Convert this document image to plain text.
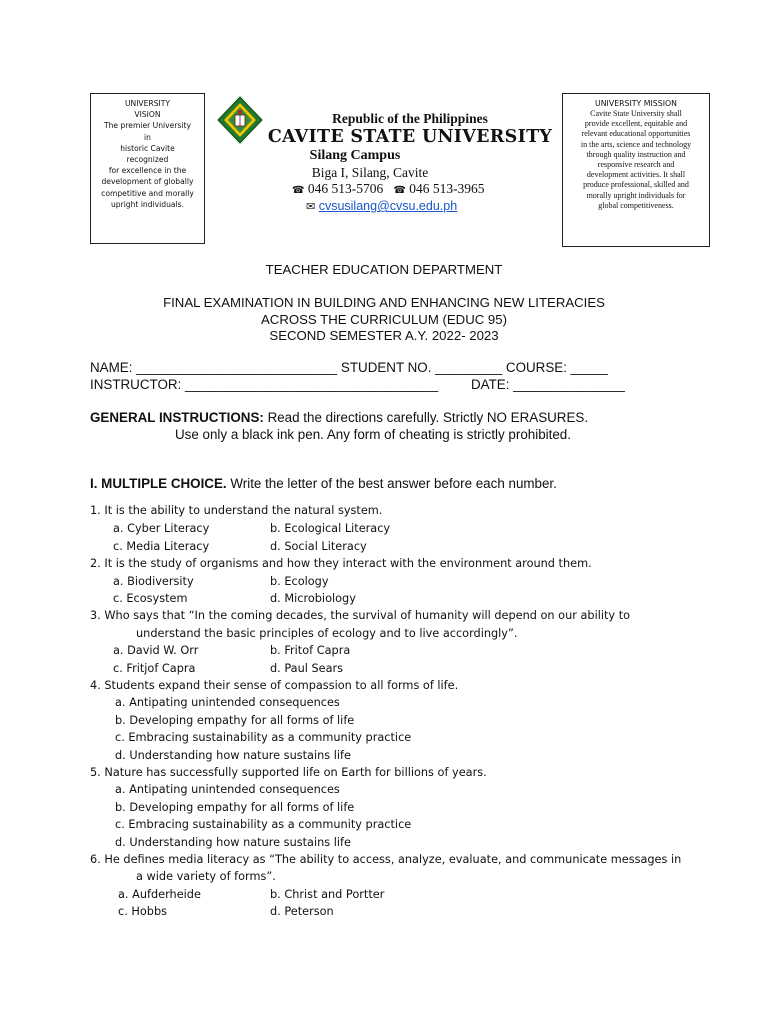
UNIVERSITY
VISION
The premier University
in
historic Cavite
recognized
for excellence in the
development of globally
competitive and morally
upright individuals.
Republic of the Philippines
CAVITE STATE UNIVERSITY
Silang Campus
Biga I, Silang, Cavite
☎ 046 513-5706 ☎ 046 513-3965
✉ cvsusilang@cvsu.edu.ph
UNIVERSITY MISSION
Cavite State University shall
provide excellent, equitable and
relevant educational opportunities
in the arts, science and technology
through quality instruction and
responsive research and
development activities. It shall
produce professional, skilled and
morally upright individuals for
global competitiveness.
TEACHER EDUCATION DEPARTMENT
FINAL EXAMINATION IN BUILDING AND ENHANCING NEW LITERACIES
ACROSS THE CURRICULUM (EDUC 95)
SECOND SEMESTER A.Y. 2022- 2023
NAME: ___________________________ STUDENT NO. _________ COURSE: _____
INSTRUCTOR: __________________________________ DATE: _______________
GENERAL INSTRUCTIONS: Read the directions carefully. Strictly NO ERASURES.
Use only a black ink pen. Any form of cheating is strictly prohibited.
I. MULTIPLE CHOICE. Write the letter of the best answer before each number.
1. It is the ability to understand the natural system.
a. Cyber Literacy	b. Ecological Literacy
c. Media Literacy	d. Social Literacy
2. It is the study of organisms and how they interact with the environment around them.
a. Biodiversity	b. Ecology
c. Ecosystem	d. Microbiology
3. Who says that “In the coming decades, the survival of humanity will depend on our ability to
understand the basic principles of ecology and to live accordingly”.
a. David W. Orr	b. Fritof Capra
c. Fritjof Capra	d. Paul Sears
4. Students expand their sense of compassion to all forms of life.
a. Antipating unintended consequences
b. Developing empathy for all forms of life
c. Embracing sustainability as a community practice
d. Understanding how nature sustains life
5. Nature has successfully supported life on Earth for billions of years.
a. Antipating unintended consequences
b. Developing empathy for all forms of life
c. Embracing sustainability as a community practice
d. Understanding how nature sustains life
6. He defines media literacy as “The ability to access, analyze, evaluate, and communicate messages in
a wide variety of forms”.
a. Aufderheide	b. Christ and Portter
c. Hobbs	d. Peterson
